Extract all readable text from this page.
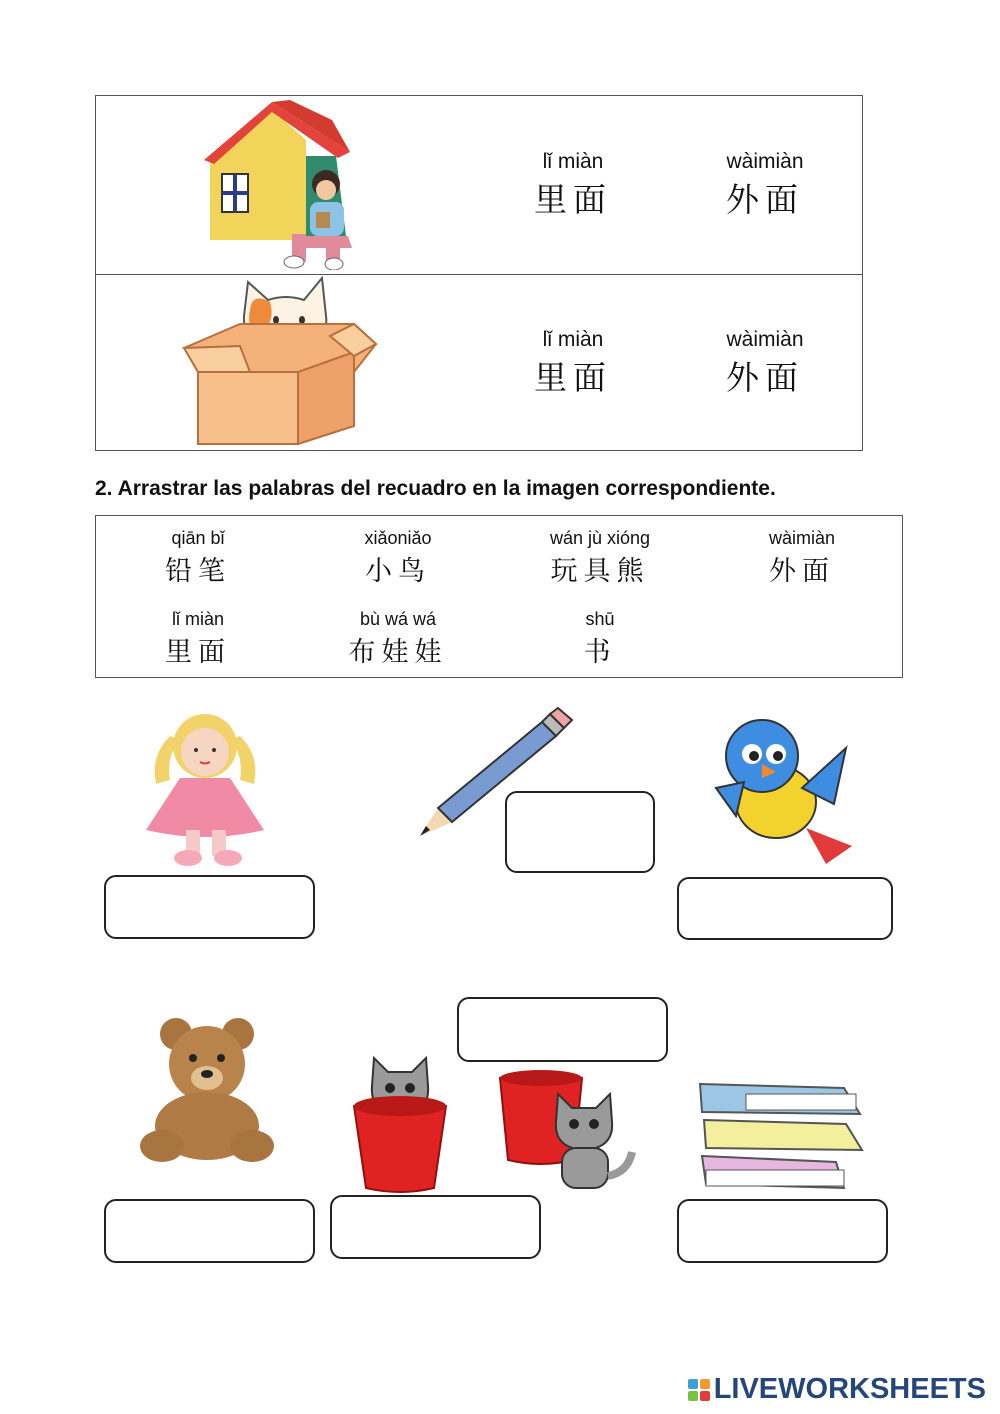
lǐ miàn
里面
wàimiàn
外面
lǐ miàn
里面
wàimiàn
外面
2. Arrastrar las palabras del recuadro en la imagen correspondiente.
qiān bǐ
铅笔
xiǎoniǎo
小鸟
wán jù xióng
玩具熊
wàimiàn
外面
lǐ miàn
里面
bù wá wá
布娃娃
shū
书
LIVEWORKSHEETS
